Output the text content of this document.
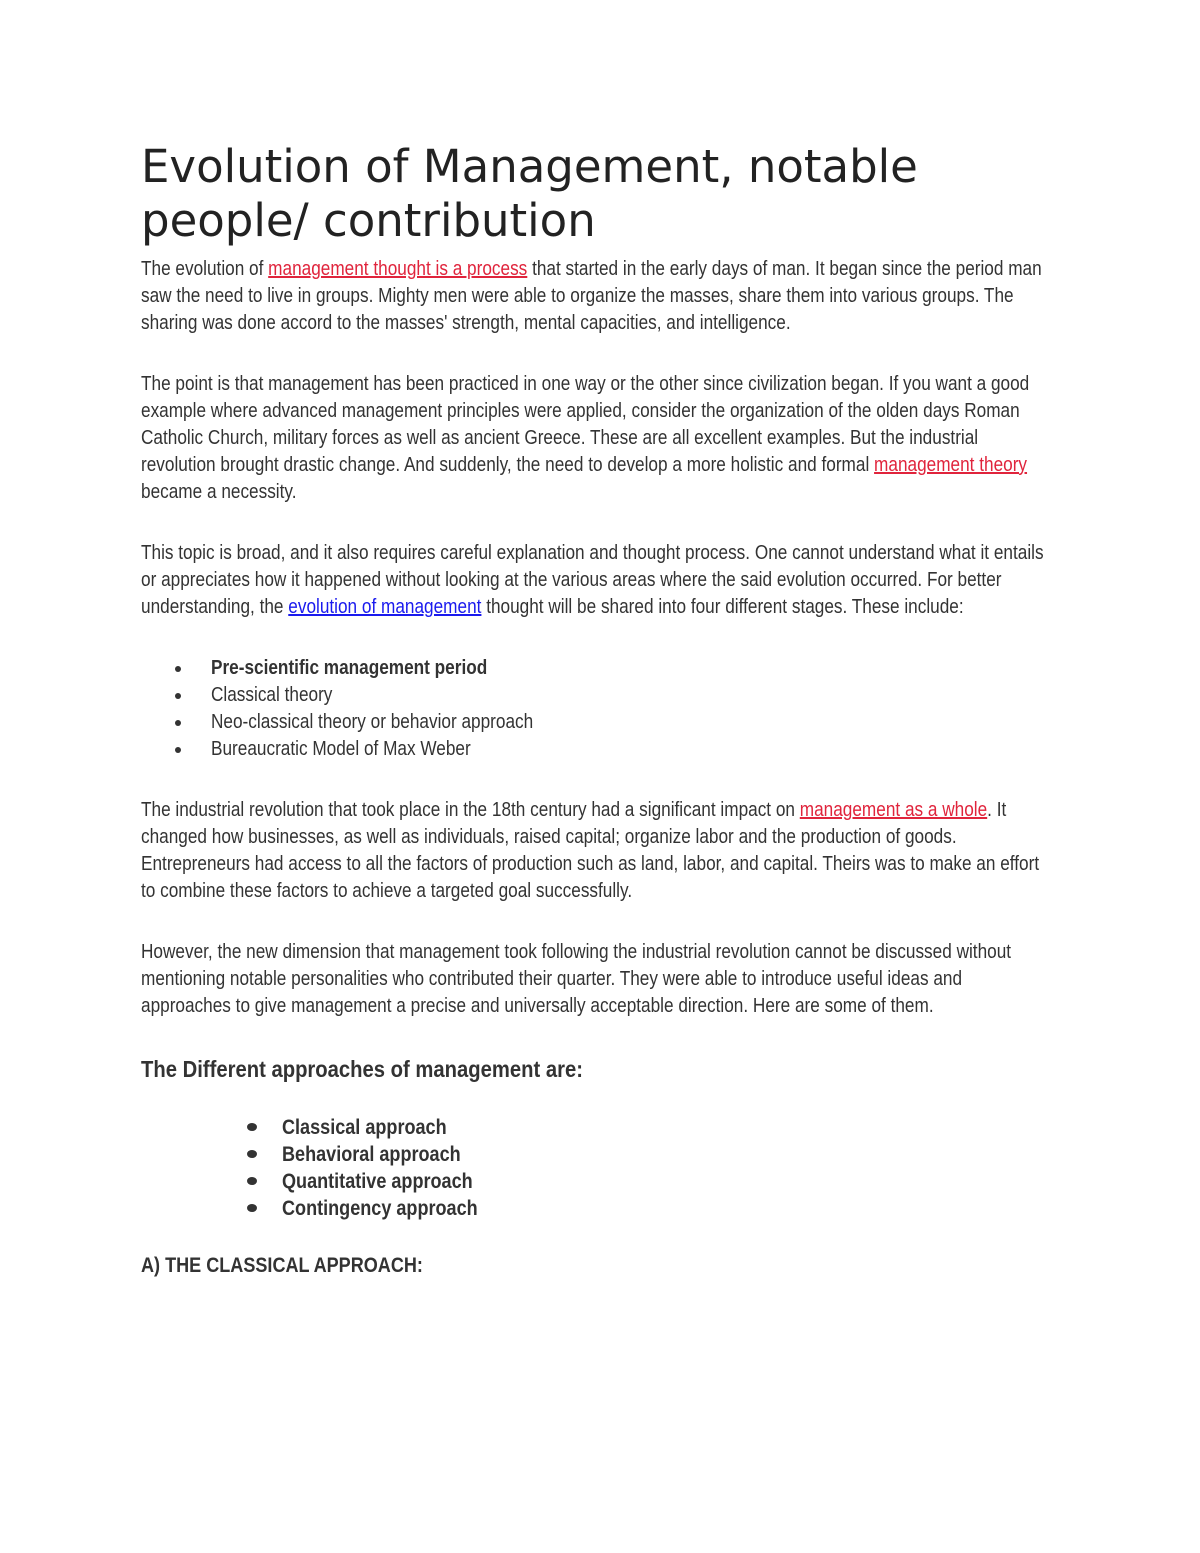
Evolution of Management, notable people/ contribution

The evolution of management thought is a process that started in the early days of man. It began since the period man saw the need to live in groups. Mighty men were able to organize the masses, share them into various groups. The sharing was done accord to the masses' strength, mental capacities, and intelligence.

The point is that management has been practiced in one way or the other since civilization began. If you want a good example where advanced management principles were applied, consider the organization of the olden days Roman Catholic Church, military forces as well as ancient Greece. These are all excellent examples. But the industrial revolution brought drastic change. And suddenly, the need to develop a more holistic and formal management theory became a necessity.

This topic is broad, and it also requires careful explanation and thought process. One cannot understand what it entails or appreciates how it happened without looking at the various areas where the said evolution occurred. For better understanding, the evolution of management thought will be shared into four different stages. These include:

Pre-scientific management period
Classical theory
Neo-classical theory or behavior approach
Bureaucratic Model of Max Weber

The industrial revolution that took place in the 18th century had a significant impact on management as a whole. It changed how businesses, as well as individuals, raised capital; organize labor and the production of goods. Entrepreneurs had access to all the factors of production such as land, labor, and capital. Theirs was to make an effort to combine these factors to achieve a targeted goal successfully.

However, the new dimension that management took following the industrial revolution cannot be discussed without mentioning notable personalities who contributed their quarter. They were able to introduce useful ideas and approaches to give management a precise and universally acceptable direction. Here are some of them.

The Different approaches of management are:
Classical approach
Behavioral approach
Quantitative approach
Contingency approach
A) THE CLASSICAL APPROACH:
